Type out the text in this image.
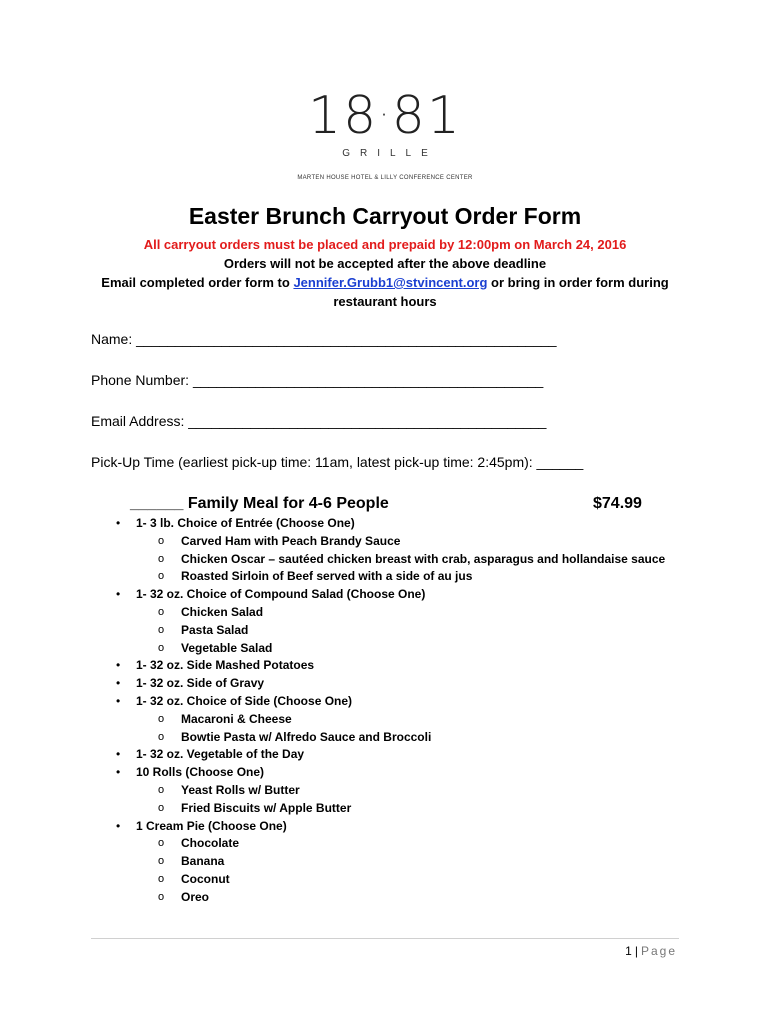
18·81
GRILLE
MARTEN HOUSE HOTEL & LILLY CONFERENCE CENTER
Easter Brunch Carryout Order Form
All carryout orders must be placed and prepaid by 12:00pm on March 24, 2016
Orders will not be accepted after the above deadline
Email completed order form to Jennifer.Grubb1@stvincent.org or bring in order form during
restaurant hours
Name: ______________________________________________________
Phone Number: _____________________________________________
Email Address: ______________________________________________
Pick-Up Time (earliest pick-up time: 11am, latest pick-up time: 2:45pm): ______
______ Family Meal for 4-6 People	$74.99
• 1- 3 lb. Choice of Entrée (Choose One)
o Carved Ham with Peach Brandy Sauce
o Chicken Oscar – sautéed chicken breast with crab, asparagus and hollandaise sauce
o Roasted Sirloin of Beef served with a side of au jus
• 1- 32 oz. Choice of Compound Salad (Choose One)
o Chicken Salad
o Pasta Salad
o Vegetable Salad
• 1- 32 oz. Side Mashed Potatoes
• 1- 32 oz. Side of Gravy
• 1- 32 oz. Choice of Side (Choose One)
o Macaroni & Cheese
o Bowtie Pasta w/ Alfredo Sauce and Broccoli
• 1- 32 oz. Vegetable of the Day
• 10 Rolls (Choose One)
o Yeast Rolls w/ Butter
o Fried Biscuits w/ Apple Butter
• 1 Cream Pie (Choose One)
o Chocolate
o Banana
o Coconut
o Oreo
1 | Page
